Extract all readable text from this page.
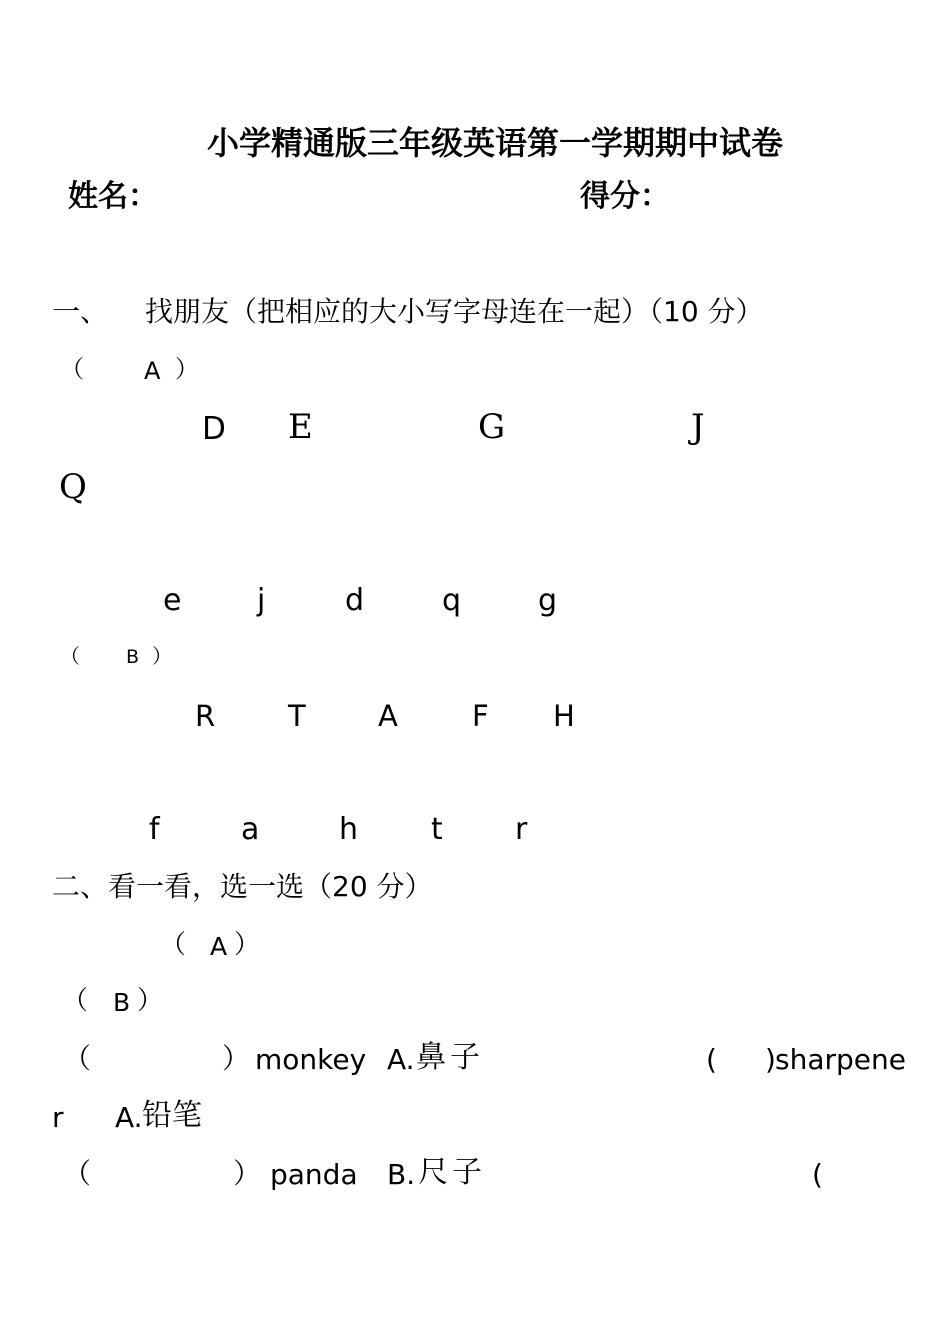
小学精通版三年级英语第一学期期中试卷
姓名：	得分：
一、 找朋友（把相应的大小写字母连在一起）（10 分）
（	A ）
D E	G	J
Q
e	j	d	q	g
（ B ）
R	T A	F H
f	a	h t r
二、看一看，选一选（20 分）
（ A ）
（ B ）
（	） monkey A. 鼻子	( ) sharpene
r A. 铅笔
（	） panda B. 尺子	(
